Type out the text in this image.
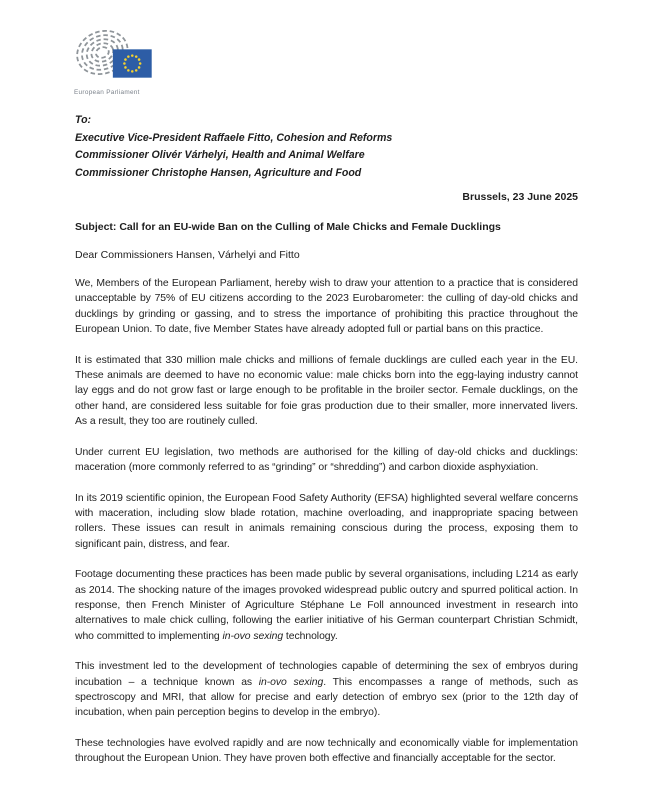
European Parliament

To:

Executive Vice-President Raffaele Fitto, Cohesion and Reforms

Commissioner Olivér Várhelyi, Health and Animal Welfare

Commissioner Christophe Hansen, Agriculture and Food

Brussels, 23 June 2025

Subject: Call for an EU-wide Ban on the Culling of Male Chicks and Female Ducklings

Dear Commissioners Hansen, Várhelyi and Fitto

We, Members of the European Parliament, hereby wish to draw your attention to a practice that is considered unacceptable by 75% of EU citizens according to the 2023 Eurobarometer: the culling of day-old chicks and ducklings by grinding or gassing, and to stress the importance of prohibiting this practice throughout the European Union. To date, five Member States have already adopted full or partial bans on this practice.

It is estimated that 330 million male chicks and millions of female ducklings are culled each year in the EU. These animals are deemed to have no economic value: male chicks born into the egg-laying industry cannot lay eggs and do not grow fast or large enough to be profitable in the broiler sector. Female ducklings, on the other hand, are considered less suitable for foie gras production due to their smaller, more innervated livers. As a result, they too are routinely culled.

Under current EU legislation, two methods are authorised for the killing of day-old chicks and ducklings: maceration (more commonly referred to as “grinding” or “shredding”) and carbon dioxide asphyxiation.

In its 2019 scientific opinion, the European Food Safety Authority (EFSA) highlighted several welfare concerns with maceration, including slow blade rotation, machine overloading, and inappropriate spacing between rollers. These issues can result in animals remaining conscious during the process, exposing them to significant pain, distress, and fear.

Footage documenting these practices has been made public by several organisations, including L214 as early as 2014. The shocking nature of the images provoked widespread public outcry and spurred political action. In response, then French Minister of Agriculture Stéphane Le Foll announced investment in research into alternatives to male chick culling, following the earlier initiative of his German counterpart Christian Schmidt, who committed to implementing in-ovo sexing technology.

This investment led to the development of technologies capable of determining the sex of embryos during incubation – a technique known as in-ovo sexing. This encompasses a range of methods, such as spectroscopy and MRI, that allow for precise and early detection of embryo sex (prior to the 12th day of incubation, when pain perception begins to develop in the embryo).

These technologies have evolved rapidly and are now technically and economically viable for implementation throughout the European Union. They have proven both effective and financially acceptable for the sector.
